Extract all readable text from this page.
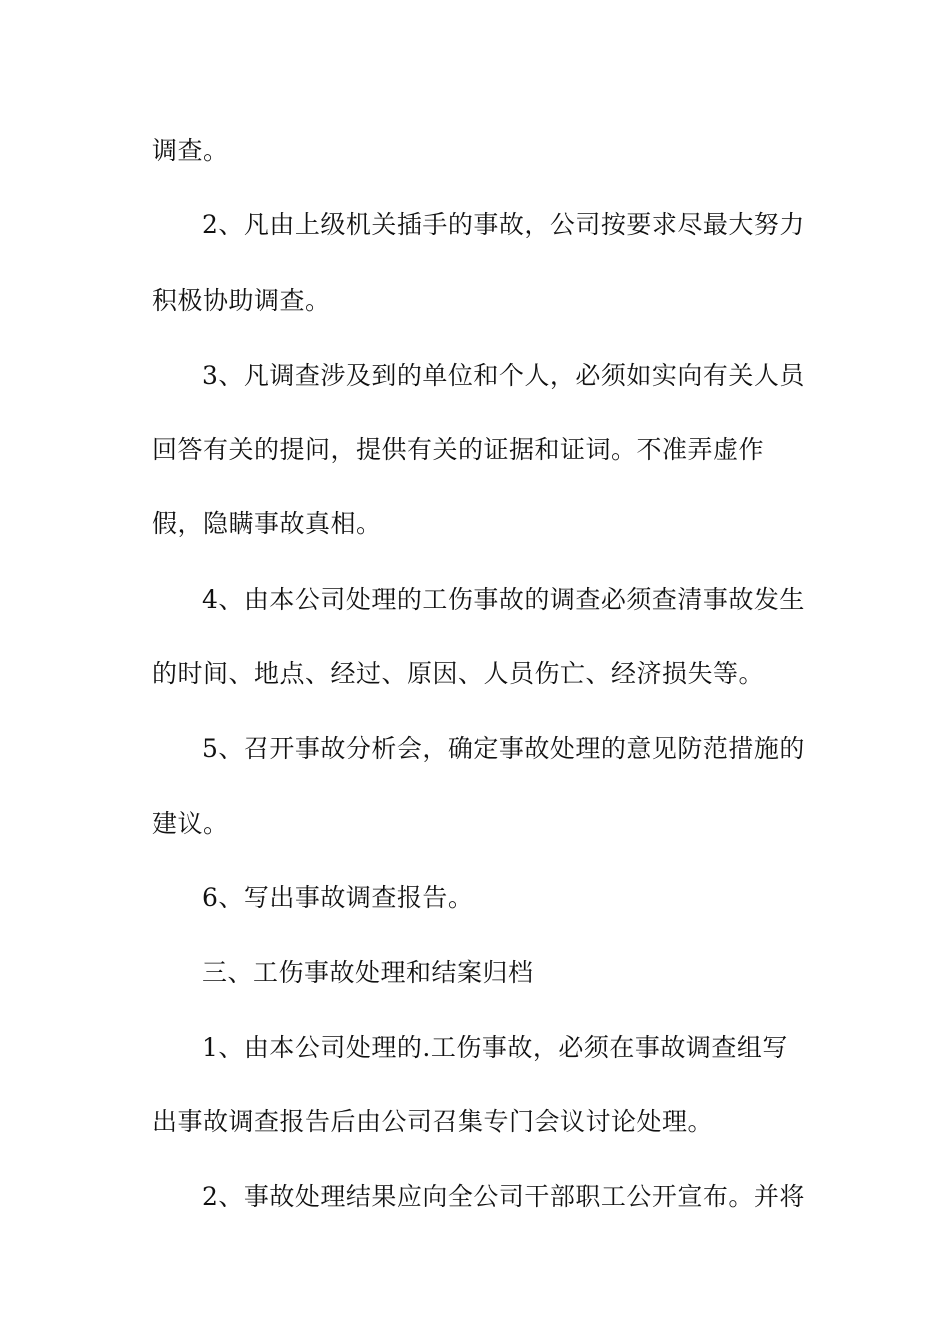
调查。
2、凡由上级机关插手的事故，公司按要求尽最大努力
积极协助调查。
3、凡调查涉及到的单位和个人，必须如实向有关人员
回答有关的提问，提供有关的证据和证词。不准弄虚作
假，隐瞒事故真相。
4、由本公司处理的工伤事故的调查必须查清事故发生
的时间、地点、经过、原因、人员伤亡、经济损失等。
5、召开事故分析会，确定事故处理的意见防范措施的
建议。
6、写出事故调查报告。
三、工伤事故处理和结案归档
1、由本公司处理的.工伤事故，必须在事故调查组写
出事故调查报告后由公司召集专门会议讨论处理。
2、事故处理结果应向全公司干部职工公开宣布。并将
